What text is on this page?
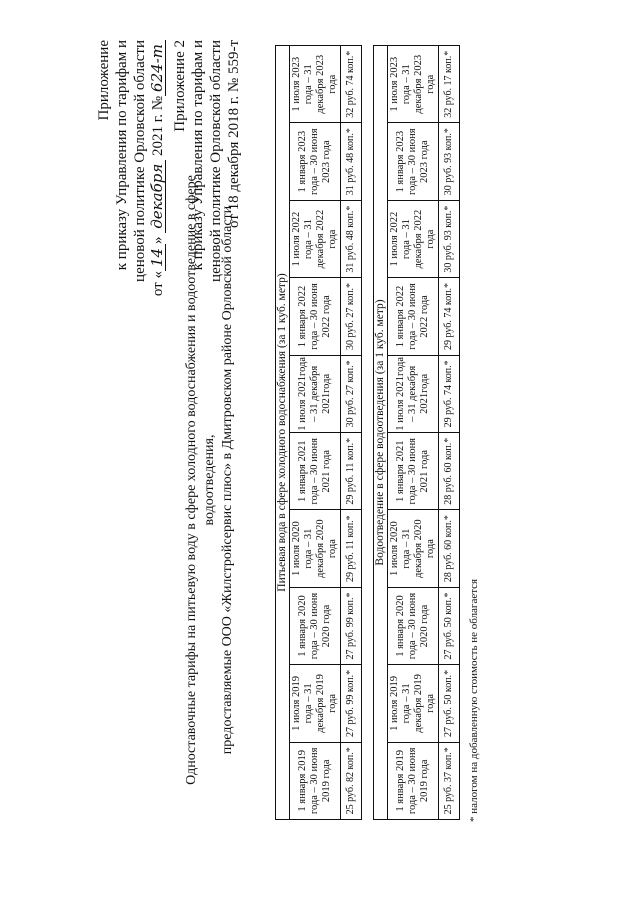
Приложение к приказу Управления по тарифам и ценовой политике Орловской области
от «14» декабря 2021 г. №624-т Приложение 2 к приказу Управления по тарифам и ценовой политике Орловской области от 18 декабря 2018 г. № 559-т
Одноставочные тарифы на питьевую воду в сфере холодного водоснабжения и водоотведение в сфере водоотведения, предоставляемые ООО «Жилстройсервис плюс» в Дмитровском районе Орловской области	Питьевая вода в сфере холодного водоснабжения (за 1 куб. метр)									
1 января 2019 года – 30 июня 2019 года	1 июля 2019 года – 31 декабря 2019 года	1 января 2020 года – 30 июня 2020 года	1 июля 2020 года – 31 декабря 2020 года	1 января 2021 года – 30 июня 2021 года	1 июля 2021года – 31 декабря 2021года	1 января 2022 года – 30 июня 2022 года	1 июля 2022 года – 31 декабря 2022 года	1 января 2023 года – 30 июня 2023 года	1 июля 2023 года – 31 декабря 2023 года
25 руб. 82 коп.*	27 руб. 99 коп.*	27 руб. 99 коп.*	29 руб. 11 коп.*	29 руб. 11 коп.*	30 руб. 27 коп.*	30 руб. 27 коп.*	31 руб. 48 коп.*	31 руб. 48 коп.*	32 руб. 74 коп.*
Водоотведение в сфере водоотведения (за 1 куб. метр)									
1 января 2019 года – 30 июня 2019 года	1 июля 2019 года – 31 декабря 2019 года	1 января 2020 года – 30 июня 2020 года	1 июля 2020 года – 31 декабря 2020 года	1 января 2021 года – 30 июня 2021 года	1 июля 2021года – 31 декабря 2021года	1 января 2022 года – 30 июня 2022 года	1 июля 2022 года – 31 декабря 2022 года	1 января 2023 года – 30 июня 2023 года	1 июля 2023 года – 31 декабря 2023 года
25 руб. 37 коп.*	27 руб. 50 коп.*	27 руб. 50 коп.*	28 руб. 60 коп.*	28 руб. 60 коп.*	29 руб. 74 коп.*	29 руб. 74 коп.*	30 руб. 93 коп.*	30 руб. 93 коп.*	32 руб. 17 коп.*
* налогом на добавленную стоимость не облагается
